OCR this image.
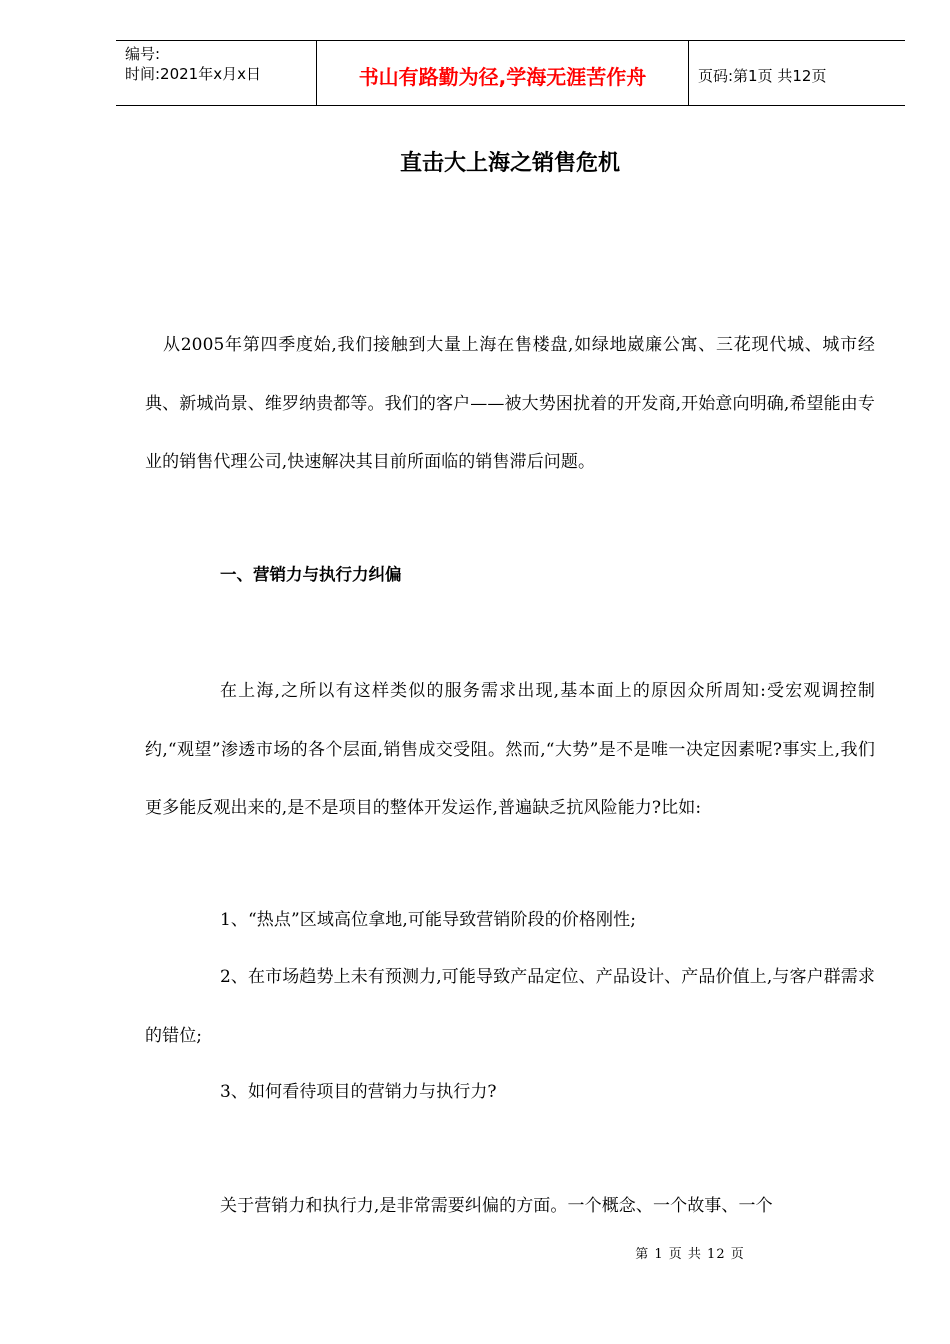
编号:
时间:2021年x月x日	书山有路勤为径,学海无涯苦作舟	页码:第1页 共12页
直击大上海之销售危机

从2005年第四季度始,我们接触到大量上海在售楼盘,如绿地崴廉公寓、三花现代城、城市经典、新城尚景、维罗纳贵都等。我们的客户——被大势困扰着的开发商,开始意向明确,希望能由专业的销售代理公司,快速解决其目前所面临的销售滞后问题。

一、营销力与执行力纠偏

在上海,之所以有这样类似的服务需求出现,基本面上的原因众所周知:受宏观调控制约,“观望”渗透市场的各个层面,销售成交受阻。然而,“大势”是不是唯一决定因素呢?事实上,我们更多能反观出来的,是不是项目的整体开发运作,普遍缺乏抗风险能力?比如:

1、“热点”区域高位拿地,可能导致营销阶段的价格刚性;

2、在市场趋势上未有预测力,可能导致产品定位、产品设计、产品价值上,与客户群需求的错位;

3、如何看待项目的营销力与执行力?

关于营销力和执行力,是非常需要纠偏的方面。一个概念、一个故事、一个

第 1 页 共 12 页
